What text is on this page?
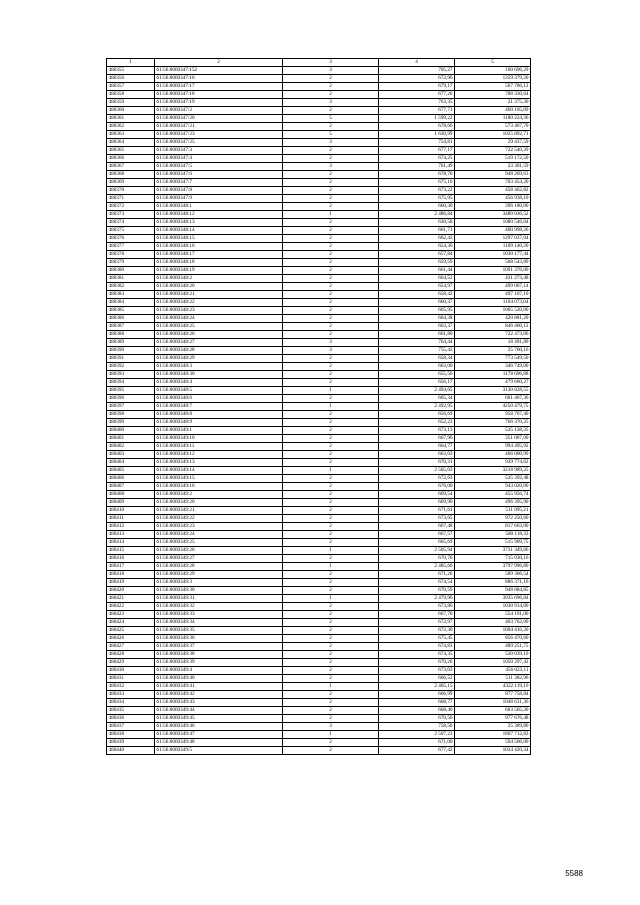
1	2	3	4	5
480355	61:56:0060347:152	3	705,27	160 696,29
480356	61:56:0060347:16	2	672,96	1359 379,20
480357	61:56:0060347:17	2	679,17	567 786,12
480358	61:56:0060347:18	2	677,20	788 330,64
480359	61:56:0060347:19	3	763,35	21 375,30
480360	61:56:0060347:2	2	677,71	460 165,09
480361	61:56:0060347:20	5	1 599,22	1180 224,36
480362	61:56:0060347:21	2	678,66	573 467,70
480363	61:56:0060347:23	5	1 630,99	1025 892,71
480364	61:56:0060347:25	3	754,81	29 437,59
480365	61:56:0060347:3	2	677,17	722 540,39
480366	61:56:0060347:4	2	674,25	519 172,50
480367	61:56:0060347:5	3	761,49	23 301,59
480368	61:56:0060347:6	2	678,70	948 269,63
480369	61:56:0060347:7	2	675,10	703 454,20
480370	61:56:0060347:8	2	673,22	458 462,82
480371	61:56:0060347:9	2	675,95	456 938,10
480372	61:56:0060348:1	2	660,30	396 180,00
480373	61:56:0060348:12	1	2 486,84	3480 036,52
480374	61:56:0060348:13	2	630,58	1080 546,04
480375	61:56:0060348:14	2	661,71	400 998,26
480376	61:56:0060348:15	2	662,43	1297 037,04
480377	61:56:0060348:16	2	654,36	1109 140,20
480378	61:56:0060348:17	2	657,84	1030 177,44
480379	61:56:0060348:18	2	659,59	508 543,89
480380	61:56:0060348:19	2	661,44	1091 376,00
480381	61:56:0060348:2	2	664,52	431 273,48
480382	61:56:0060348:20	2	654,97	499 067,14
480383	61:56:0060348:21	2	658,42	497 107,10
480384	61:56:0060348:22	2	660,37	1104 073,04
480385	61:56:0060348:23	2	665,95	1065 520,00
480386	61:56:0060348:24	2	664,38	420 881,20
480387	61:56:0060348:25	2	663,37	846 460,12
480388	61:56:0060348:26	2	661,80	722 473,06
480389	61:56:0060348:27	3	764,44	18 491,80
480390	61:56:0060348:28	3	755,43	25 760,16
480391	61:56:0060348:29	2	658,34	773 549,50
480392	61:56:0060348:3	2	663,00	346 749,00
480393	61:56:0060348:30	2	655,56	1178 696,88
480394	61:56:0060348:4	2	656,17	479 660,27
480395	61:56:0060348:5	1	2 494,65	3130 828,55
480396	61:56:0060348:6	2	665,34	601 467,36
480397	61:56:0060348:7	1	2 492,95	4250 479,75
480398	61:56:0060348:8	2	656,69	958 767,40
480399	61:56:0060348:9	2	652,23	766 370,25
480400	61:56:0060349:1	2	673,13	535 138,35
480401	61:56:0060349:10	2	667,96	351 067,00
480402	61:56:0060349:11	2	664,77	994 495,92
480403	61:56:0060349:12	2	663,03	466 000,99
480404	61:56:0060349:13	2	670,31	939 774,62
480405	61:56:0060349:14	1	2 505,03	3218 989,25
480406	61:56:0060349:15	2	672,63	535 392,48
480407	61:56:0060349:16	2	676,00	943 020,00
480408	61:56:0060349:2	2	669,54	455 956,74
480409	61:56:0060349:20	2	669,90	496 395,90
480410	61:56:0060349:21	2	671,61	511 095,21
480411	61:56:0060349:22	2	673,65	972 250,60
480412	61:56:0060349:23	2	667,48	817 663,00
480413	61:56:0060349:24	2	667,57	580 118,33
480414	61:56:0060349:25	2	665,69	515 909,75
480415	61:56:0060349:26	1	2 505,94	3731 349,66
480416	61:56:0060349:27	2	670,76	715 030,16
480417	61:56:0060349:28	1	2 485,60	3797 996,80
480418	61:56:0060349:29	2	671,26	589 366,54
480419	61:56:0060349:3	2	674,54	886 371,16
480420	61:56:0060349:30	2	670,59	948 884,85
480421	61:56:0060349:31	1	2 479,96	3935 696,84
480422	61:56:0060349:32	2	673,86	1030 914,00
480423	61:56:0060349:33	2	667,70	554 191,00
480424	61:56:0060349:34	2	672,97	463 762,00
480425	61:56:0060349:35	2	672,30	1004 416,20
480426	61:56:0060349:36	2	675,45	856 470,60
480427	61:56:0060349:37	2	674,83	489 251,75
480428	61:56:0060349:38	2	674,35	530 039,10
480429	61:56:0060349:39	2	670,26	1050 297,42
480430	61:56:0060349:4	2	673,03	456 023,11
480431	61:56:0060349:40	2	666,52	511 382,96
480432	61:56:0060349:41	1	2 465,15	4322 119,10
480433	61:56:0060349:42	2	666,99	877 758,84
480434	61:56:0060349:43	2	668,77	1048 631,36
480435	61:56:0060349:44	2	668,40	603 565,20
480436	61:56:0060349:45	2	670,56	977 676,48
480437	61:56:0060349:46	3	758,50	25 389,80
480438	61:56:0060349:47	1	2 507,23	1807 712,83
480439	61:56:0060349:48	2	671,00	594 506,00
480440	61:56:0060349:5	2	677,42	1034 420,34
5588
